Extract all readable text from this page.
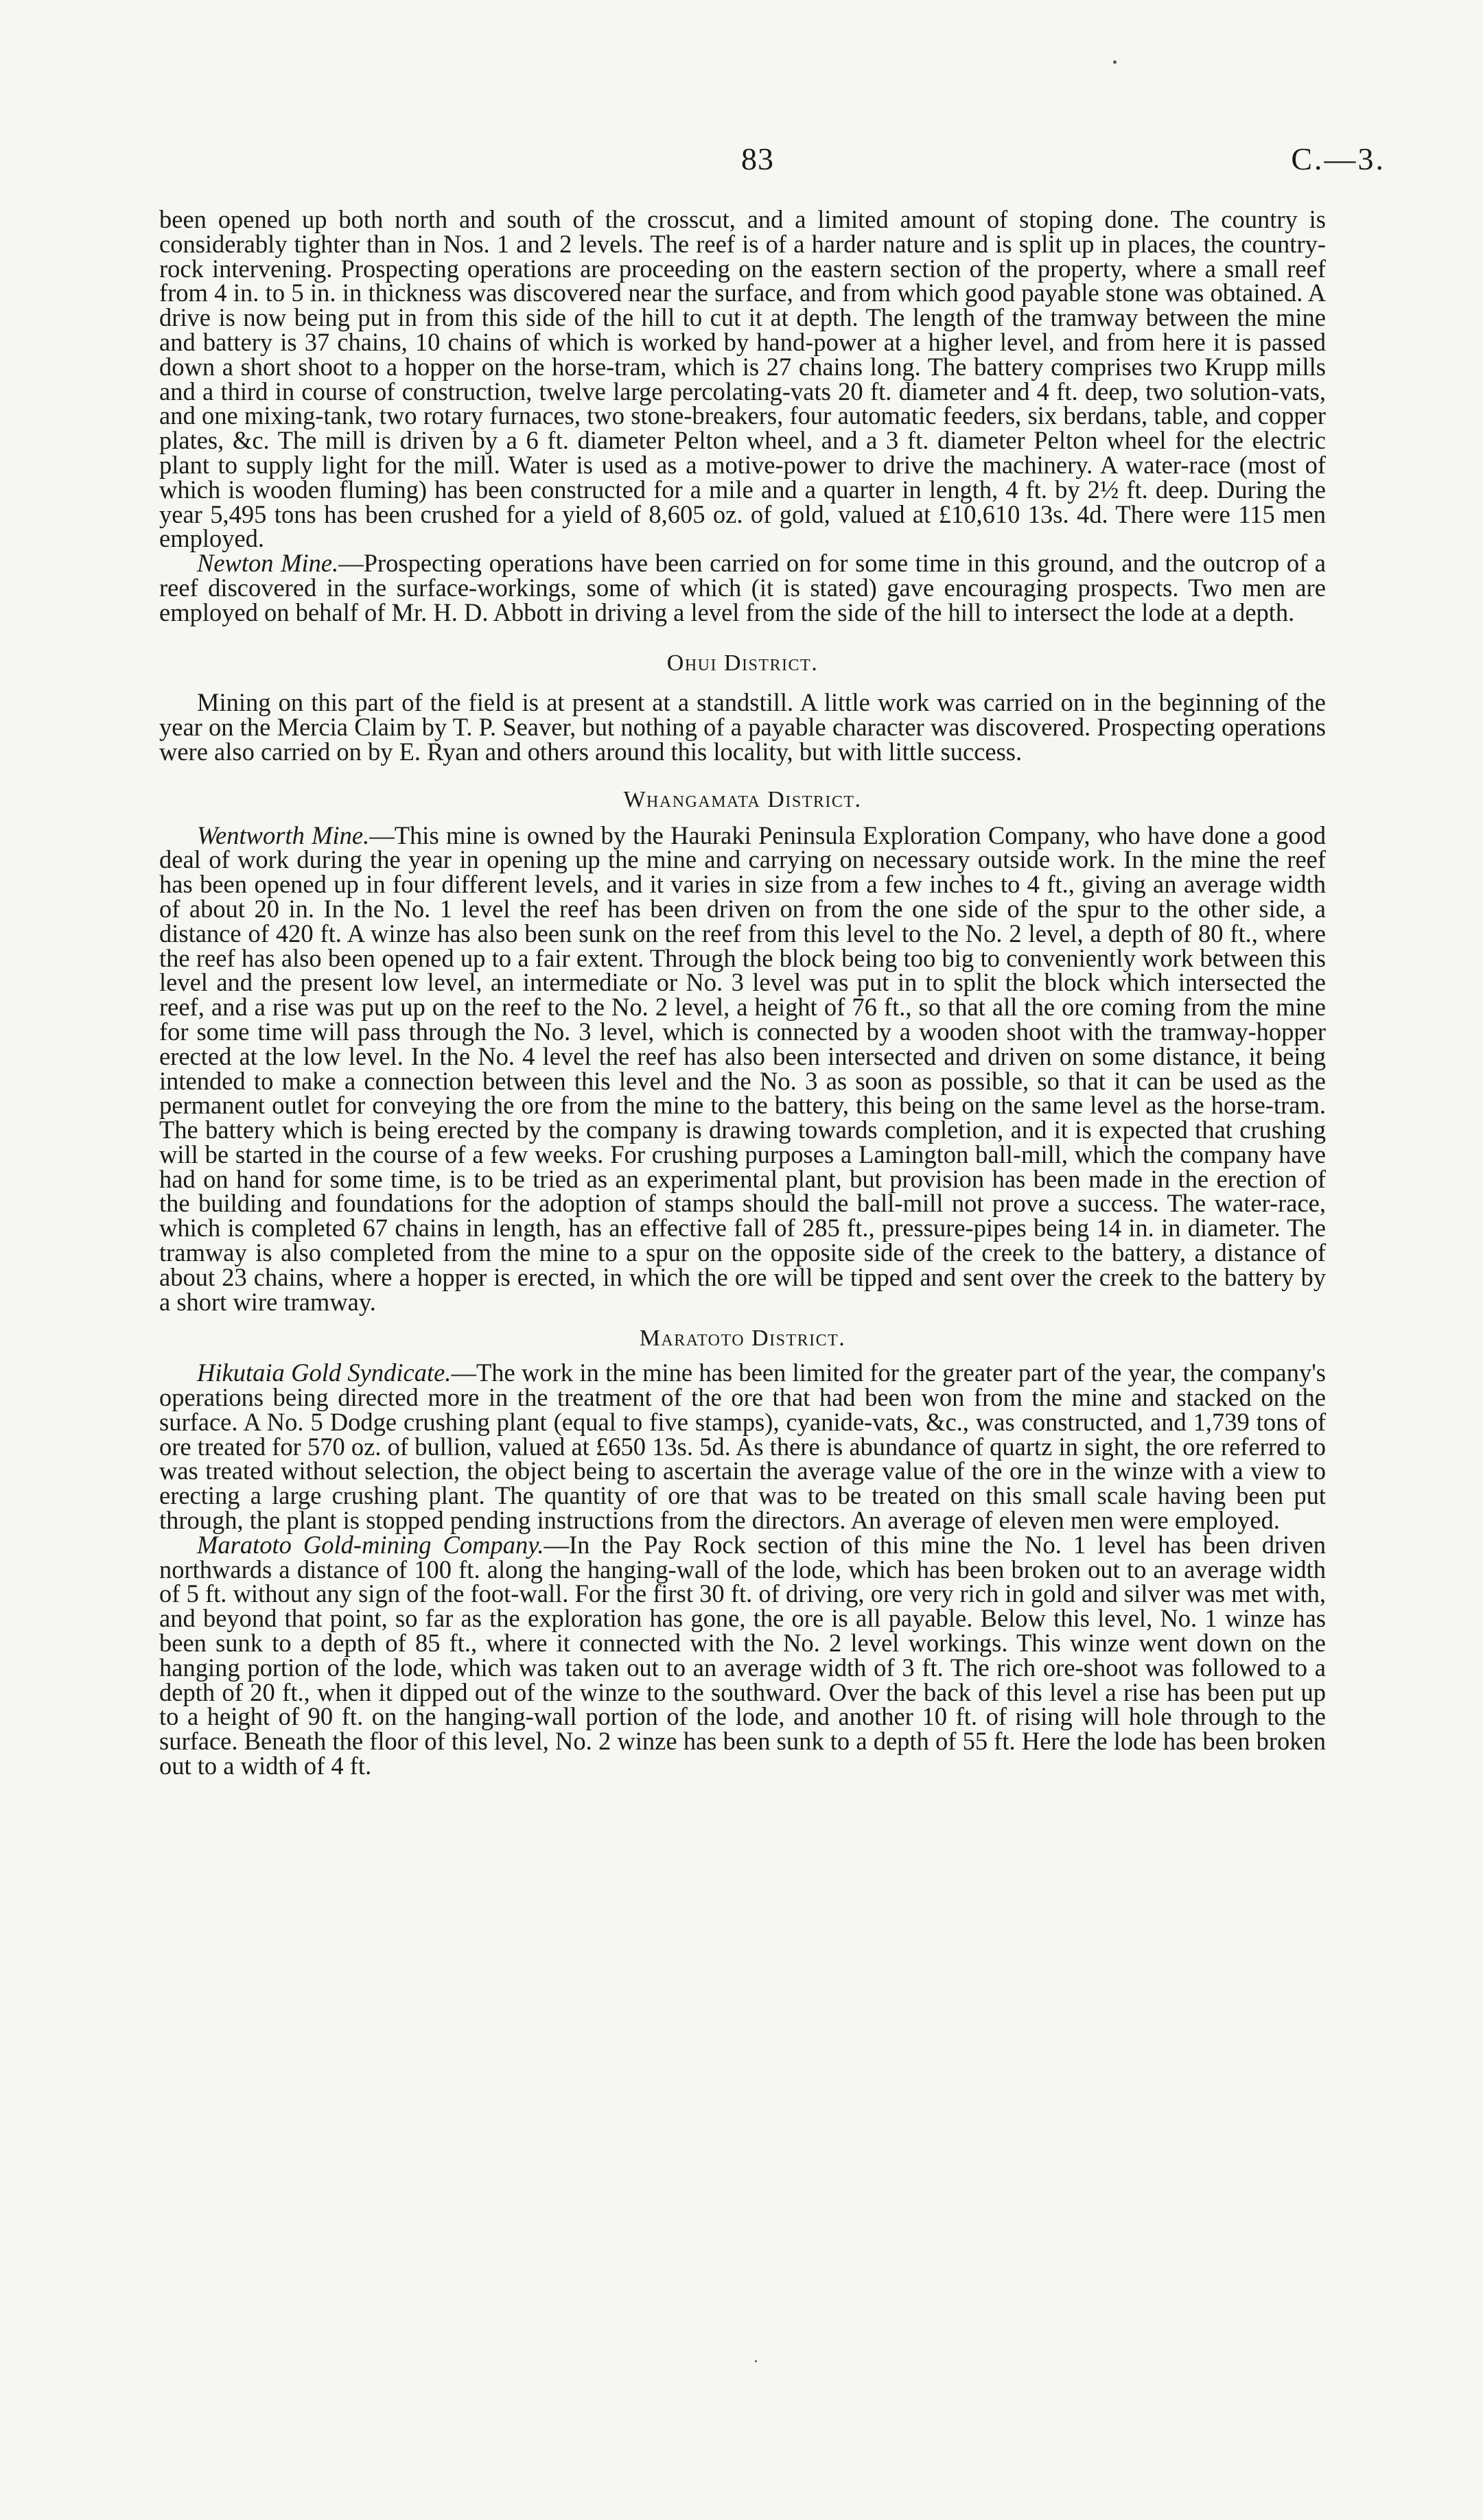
83	C.—3.

been opened up both north and south of the crosscut, and a limited amount of stoping done. The country is considerably tighter than in Nos. 1 and 2 levels. The reef is of a harder nature and is split up in places, the country-rock intervening. Prospecting operations are proceeding on the eastern section of the property, where a small reef from 4 in. to 5 in. in thickness was discovered near the surface, and from which good payable stone was obtained. A drive is now being put in from this side of the hill to cut it at depth. The length of the tramway between the mine and battery is 37 chains, 10 chains of which is worked by hand-power at a higher level, and from here it is passed down a short shoot to a hopper on the horse-tram, which is 27 chains long. The battery comprises two Krupp mills and a third in course of construction, twelve large percolating-vats 20 ft. diameter and 4 ft. deep, two solution-vats, and one mixing-tank, two rotary furnaces, two stone-breakers, four automatic feeders, six berdans, table, and copper plates, &c. The mill is driven by a 6 ft. diameter Pelton wheel, and a 3 ft. diameter Pelton wheel for the electric plant to supply light for the mill. Water is used as a motive-power to drive the machinery. A water-race (most of which is wooden fluming) has been constructed for a mile and a quarter in length, 4 ft. by 2½ ft. deep. During the year 5,495 tons has been crushed for a yield of 8,605 oz. of gold, valued at £10,610 13s. 4d. There were 115 men employed.

Newton Mine.—Prospecting operations have been carried on for some time in this ground, and the outcrop of a reef discovered in the surface-workings, some of which (it is stated) gave encouraging prospects. Two men are employed on behalf of Mr. H. D. Abbott in driving a level from the side of the hill to intersect the lode at a depth.

Ohui District.

Mining on this part of the field is at present at a standstill. A little work was carried on in the beginning of the year on the Mercia Claim by T. P. Seaver, but nothing of a payable character was discovered. Prospecting operations were also carried on by E. Ryan and others around this locality, but with little success.

Whangamata District.

Wentworth Mine.—This mine is owned by the Hauraki Peninsula Exploration Company, who have done a good deal of work during the year in opening up the mine and carrying on necessary outside work. In the mine the reef has been opened up in four different levels, and it varies in size from a few inches to 4 ft., giving an average width of about 20 in. In the No. 1 level the reef has been driven on from the one side of the spur to the other side, a distance of 420 ft. A winze has also been sunk on the reef from this level to the No. 2 level, a depth of 80 ft., where the reef has also been opened up to a fair extent. Through the block being too big to conveniently work between this level and the present low level, an intermediate or No. 3 level was put in to split the block which intersected the reef, and a rise was put up on the reef to the No. 2 level, a height of 76 ft., so that all the ore coming from the mine for some time will pass through the No. 3 level, which is connected by a wooden shoot with the tramway-hopper erected at the low level. In the No. 4 level the reef has also been intersected and driven on some distance, it being intended to make a connection between this level and the No. 3 as soon as possible, so that it can be used as the permanent outlet for conveying the ore from the mine to the battery, this being on the same level as the horse-tram. The battery which is being erected by the company is drawing towards completion, and it is expected that crushing will be started in the course of a few weeks. For crushing purposes a Lamington ball-mill, which the company have had on hand for some time, is to be tried as an experimental plant, but provision has been made in the erection of the building and foundations for the adoption of stamps should the ball-mill not prove a success. The water-race, which is completed 67 chains in length, has an effective fall of 285 ft., pressure-pipes being 14 in. in diameter. The tramway is also completed from the mine to a spur on the opposite side of the creek to the battery, a distance of about 23 chains, where a hopper is erected, in which the ore will be tipped and sent over the creek to the battery by a short wire tramway.

Maratoto District.

Hikutaia Gold Syndicate.—The work in the mine has been limited for the greater part of the year, the company's operations being directed more in the treatment of the ore that had been won from the mine and stacked on the surface. A No. 5 Dodge crushing plant (equal to five stamps), cyanide-vats, &c., was constructed, and 1,739 tons of ore treated for 570 oz. of bullion, valued at £650 13s. 5d. As there is abundance of quartz in sight, the ore referred to was treated without selection, the object being to ascertain the average value of the ore in the winze with a view to erecting a large crushing plant. The quantity of ore that was to be treated on this small scale having been put through, the plant is stopped pending instructions from the directors. An average of eleven men were employed.

Maratoto Gold-mining Company.—In the Pay Rock section of this mine the No. 1 level has been driven northwards a distance of 100 ft. along the hanging-wall of the lode, which has been broken out to an average width of 5 ft. without any sign of the foot-wall. For the first 30 ft. of driving, ore very rich in gold and silver was met with, and beyond that point, so far as the exploration has gone, the ore is all payable. Below this level, No. 1 winze has been sunk to a depth of 85 ft., where it connected with the No. 2 level workings. This winze went down on the hanging portion of the lode, which was taken out to an average width of 3 ft. The rich ore-shoot was followed to a depth of 20 ft., when it dipped out of the winze to the southward. Over the back of this level a rise has been put up to a height of 90 ft. on the hanging-wall portion of the lode, and another 10 ft. of rising will hole through to the surface. Beneath the floor of this level, No. 2 winze has been sunk to a depth of 55 ft. Here the lode has been broken out to a width of 4 ft.
